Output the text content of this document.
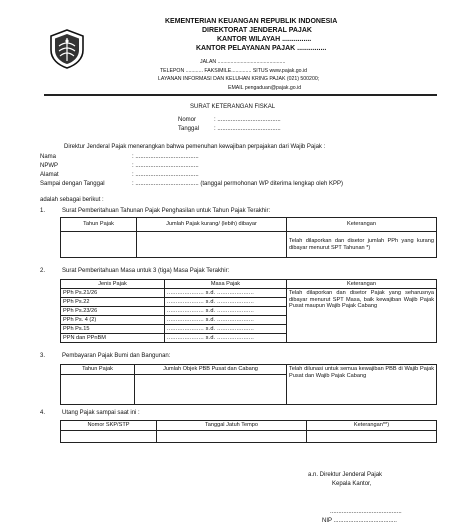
KEMENTERIAN KEUANGAN REPUBLIK INDONESIA
DIREKTORAT JENDERAL PAJAK
KANTOR WILAYAH ...............
KANTOR PELAYANAN PAJAK ...............
JALAN ...............................................
TELEPON ............ FAKSIMILE.............. SITUS www.pajak.go.id
LAYANAN INFORMASI DAN KELUHAN KRING PAJAK (021) 500200;
EMAIL pengaduan@pajak.go.id
SURAT KETERANGAN FISKAL
Nomor	: ......................................
Tanggal : ......................................
Direktur Jenderal Pajak menerangkan bahwa pemenuhan kewajiban perpajakan dari Wajib Pajak :
Nama	: ......................................
NPWP	: ......................................
Alamat	: ......................................
Sampai dengan Tanggal	: ...................................... (tanggal permohonan WP diterima lengkap oleh KPP)
adalah sebagai berikut :
1.	Surat Pemberitahuan Tahunan Pajak Penghasilan untuk Tahun Pajak Terakhir:
Tahun Pajak	Jumlah Pajak kurang/ (lebih) dibayar	Keterangan
		Telah dilaporkan dan disetor jumlah PPh yang kurang dibayar menurut SPT Tahunan *)
2.	Surat Pemberitahuan Masa untuk 3 (tiga) Masa Pajak Terakhir:
Jenis Pajak	Masa Pajak	Keterangan
PPh Ps.21/26	..................... s.d. .....................	Telah dilaporkan dan disetor Pajak yang seharusnya dibayar menurut SPT Masa, baik kewajiban Wajib Pajak Pusat maupun Wajib Pajak Cabang
PPh Ps.22	..................... s.d. .....................	
PPh Ps.23/26	..................... s.d. .....................	
PPh Ps. 4 (2)	..................... s.d. .....................	
PPh Ps.15	..................... s.d. .....................	
PPN dan PPnBM	..................... s.d. .....................	
3.	Pembayaran Pajak Bumi dan Bangunan:
Tahun Pajak	Jumlah Objek PBB Pusat dan Cabang	Telah dilunasi untuk semua kewajiban PBB di Wajib Pajak Pusat dan Wajib Pajak Cabang

4.	Utang Pajak sampai saat ini :
Nomor SKP/STP	Tanggal Jatuh Tempo	Keterangan**)

a.n. Direktur Jenderal Pajak
Kepala Kantor,
...........................................
NIP ......................................
